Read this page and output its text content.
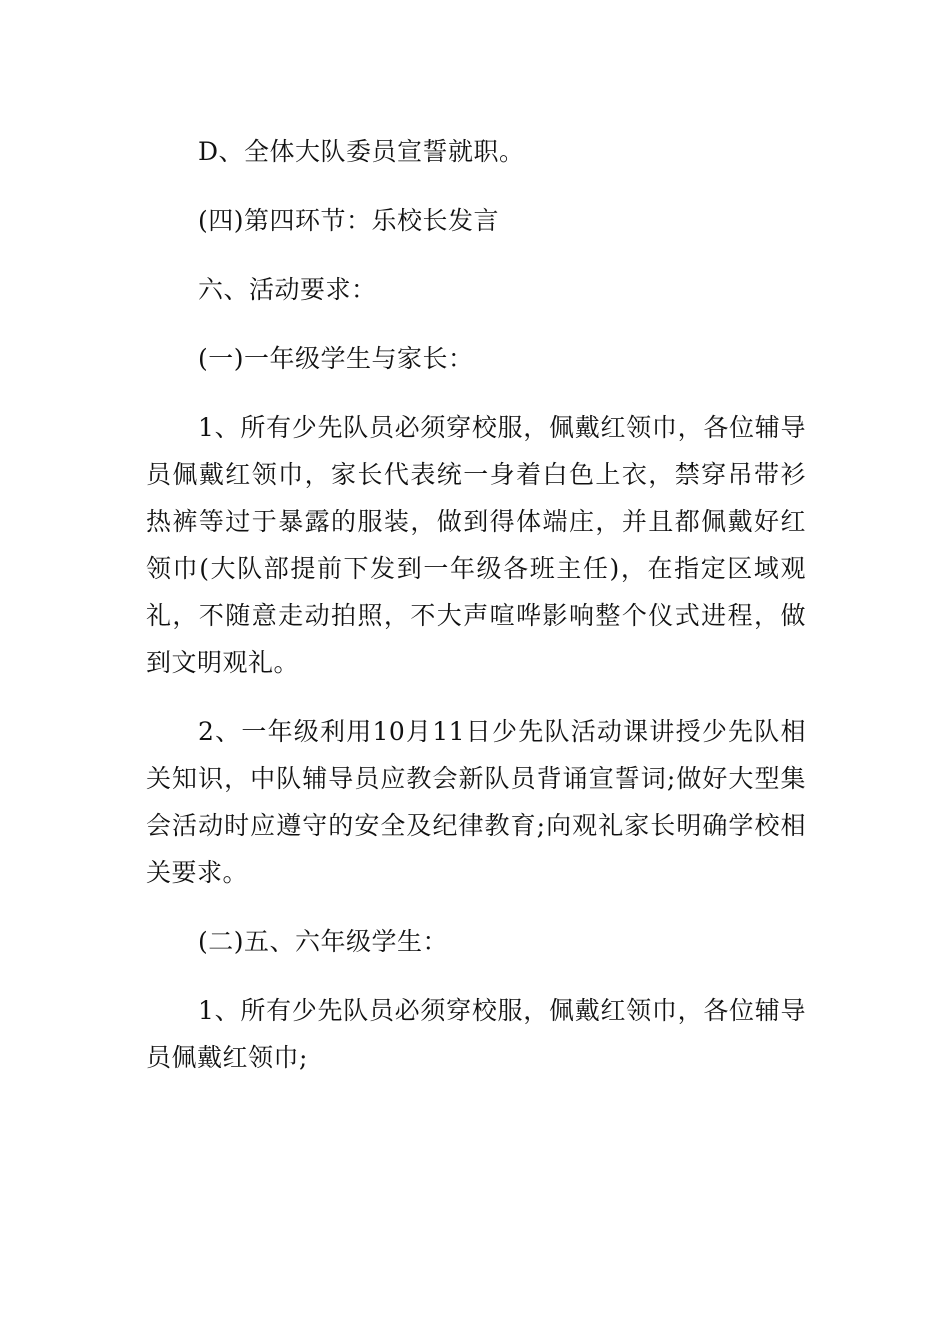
D、全体大队委员宣誓就职。

(四)第四环节：乐校长发言

六、活动要求：

(一)一年级学生与家长：

1、所有少先队员必须穿校服，佩戴红领巾，各位辅导员佩戴红领巾，家长代表统一身着白色上衣，禁穿吊带衫热裤等过于暴露的服装，做到得体端庄，并且都佩戴好红领巾(大队部提前下发到一年级各班主任)，在指定区域观礼，不随意走动拍照，不大声喧哗影响整个仪式进程，做到文明观礼。

2、一年级利用10月11日少先队活动课讲授少先队相关知识，中队辅导员应教会新队员背诵宣誓词;做好大型集会活动时应遵守的安全及纪律教育;向观礼家长明确学校相关要求。

(二)五、六年级学生：

1、所有少先队员必须穿校服，佩戴红领巾，各位辅导员佩戴红领巾;
